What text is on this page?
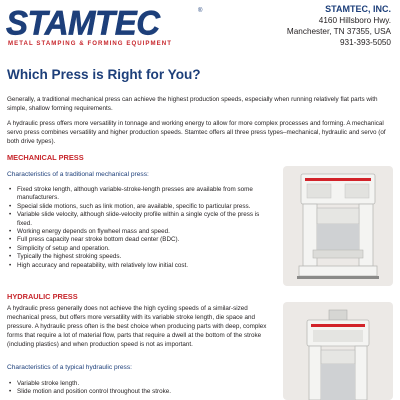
STAMTEC	®
METAL STAMPING & FORMING EQUIPMENT
STAMTEC, INC.
4160 Hillsboro Hwy.
Manchester, TN 37355, USA
931-393-5050
Which Press is Right for You?

Generally, a traditional mechanical press can achieve the highest production speeds, especially when running relatively flat parts with simple, shallow forming requirements.

A hydraulic press offers more versatility in tonnage and working energy to allow for more complex processes and forming. A mechanical servo press combines versatility and higher production speeds. Stamtec offers all three press types–mechanical, hydraulic and servo (of both drive types).

MECHANICAL PRESS
Characteristics of a traditional mechanical press:
• Fixed stroke length, although variable-stroke-length presses are available from some manufacturers.
• Special slide motions, such as link motion, are available, specific to particular press.
• Variable slide velocity, although slide-velocity profile within a single cycle of the press is fixed.
• Working energy depends on flywheel mass and speed.
• Full press capacity near stroke bottom dead center (BDC).
• Simplicity of setup and operation.
• Typically the highest stroking speeds.
• High accuracy and repeatability, with relatively low initial cost.
HYDRAULIC PRESS

A hydraulic press generally does not achieve the high cycling speeds of a similar-sized mechanical press, but offers more versatility with its variable stroke length, die space and pressure. A hydraulic press often is the best choice when producing parts with deep, complex forms that require a lot of material flow, parts that require a dwell at the bottom of the stroke (including plastics) and when production speed is not as important.

Characteristics of a typical hydraulic press:
• Variable stroke length.
• Slide motion and position control throughout the stroke.
